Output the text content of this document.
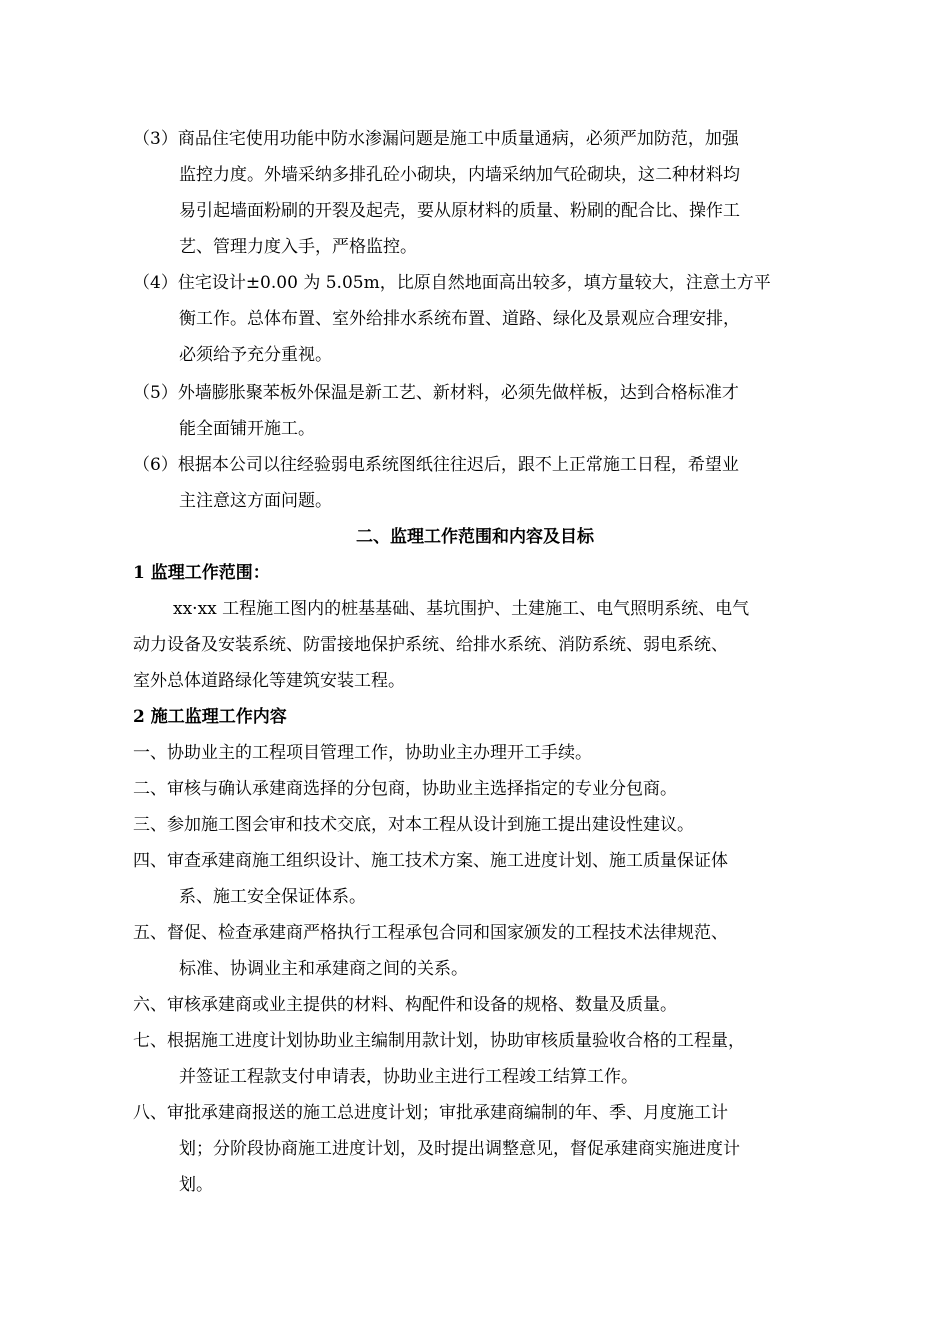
（3）商品住宅使用功能中防水渗漏问题是施工中质量通病，必须严加防范，加强
监控力度。外墙采纳多排孔砼小砌块，内墙采纳加气砼砌块，这二种材料均
易引起墙面粉刷的开裂及起壳，要从原材料的质量、粉刷的配合比、操作工
艺、管理力度入手，严格监控。
（4）住宅设计±0.00 为 5.05m，比原自然地面高出较多，填方量较大，注意土方平
衡工作。总体布置、室外给排水系统布置、道路、绿化及景观应合理安排，
必须给予充分重视。
（5）外墙膨胀聚苯板外保温是新工艺、新材料，必须先做样板，达到合格标准才
能全面铺开施工。
（6）根据本公司以往经验弱电系统图纸往往迟后，跟不上正常施工日程，希望业
主注意这方面问题。
二、监理工作范围和内容及目标
1 监理工作范围：
xx·xx 工程施工图内的桩基基础、基坑围护、土建施工、电气照明系统、电气
动力设备及安装系统、防雷接地保护系统、给排水系统、消防系统、弱电系统、
室外总体道路绿化等建筑安装工程。
2 施工监理工作内容
一、协助业主的工程项目管理工作，协助业主办理开工手续。
二、审核与确认承建商选择的分包商，协助业主选择指定的专业分包商。
三、参加施工图会审和技术交底，对本工程从设计到施工提出建设性建议。
四、审查承建商施工组织设计、施工技术方案、施工进度计划、施工质量保证体
系、施工安全保证体系。
五、督促、检查承建商严格执行工程承包合同和国家颁发的工程技术法律规范、
标准、协调业主和承建商之间的关系。
六、审核承建商或业主提供的材料、构配件和设备的规格、数量及质量。
七、根据施工进度计划协助业主编制用款计划，协助审核质量验收合格的工程量，
并签证工程款支付申请表，协助业主进行工程竣工结算工作。
八、审批承建商报送的施工总进度计划；审批承建商编制的年、季、月度施工计
划；分阶段协商施工进度计划，及时提出调整意见，督促承建商实施进度计
划。
